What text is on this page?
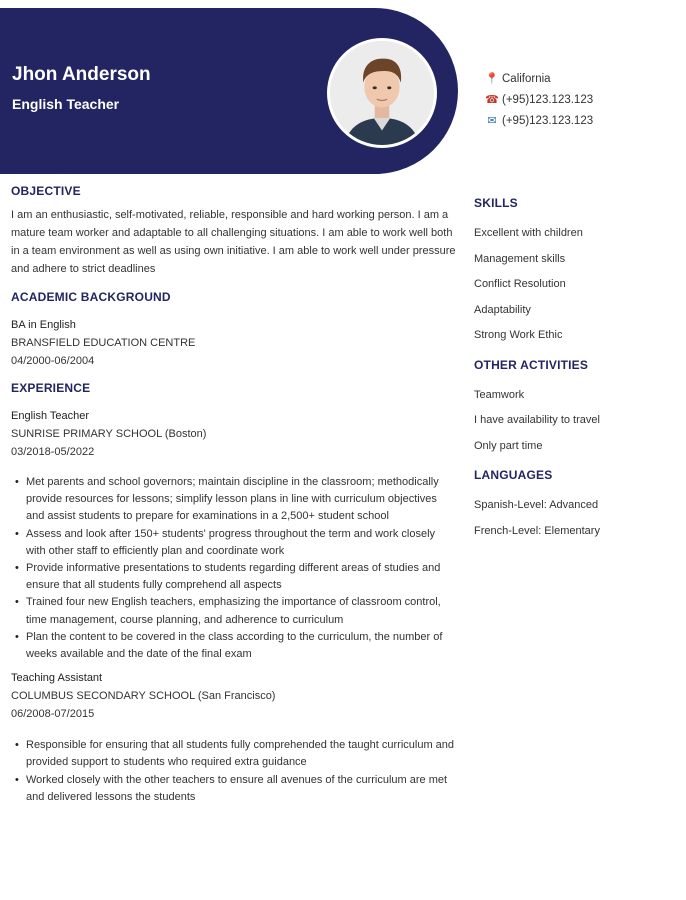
Jhon Anderson
English Teacher
📍 California
☎ (+95)123.123.123
✉ (+95)123.123.123
OBJECTIVE
I am an enthusiastic, self-motivated, reliable, responsible and hard working person. I am a mature team worker and adaptable to all challenging situations. I am able to work well both in a team environment as well as using own initiative. I am able to work well under pressure and adhere to strict deadlines
ACADEMIC BACKGROUND
BA in English
BRANSFIELD EDUCATION CENTRE
04/2000-06/2004
EXPERIENCE
English Teacher
SUNRISE PRIMARY SCHOOL (Boston)
03/2018-05/2022
• Met parents and school governors; maintain discipline in the classroom; methodically provide resources for lessons; simplify lesson plans in line with curriculum objectives and assist students to prepare for examinations in a 2,500+ student school
• Assess and look after 150+ students' progress throughout the term and work closely with other staff to efficiently plan and coordinate work
• Provide informative presentations to students regarding different areas of studies and ensure that all students fully comprehend all aspects
• Trained four new English teachers, emphasizing the importance of classroom control, time management, course planning, and adherence to curriculum
• Plan the content to be covered in the class according to the curriculum, the number of weeks available and the date of the final exam
Teaching Assistant
COLUMBUS SECONDARY SCHOOL (San Francisco)
06/2008-07/2015
• Responsible for ensuring that all students fully comprehended the taught curriculum and provided support to students who required extra guidance
• Worked closely with the other teachers to ensure all avenues of the curriculum are met and delivered lessons the students
SKILLS
Excellent with children
Management skills
Conflict Resolution
Adaptability
Strong Work Ethic
OTHER ACTIVITIES
Teamwork
I have availability to travel
Only part time
LANGUAGES
Spanish-Level: Advanced
French-Level: Elementary
